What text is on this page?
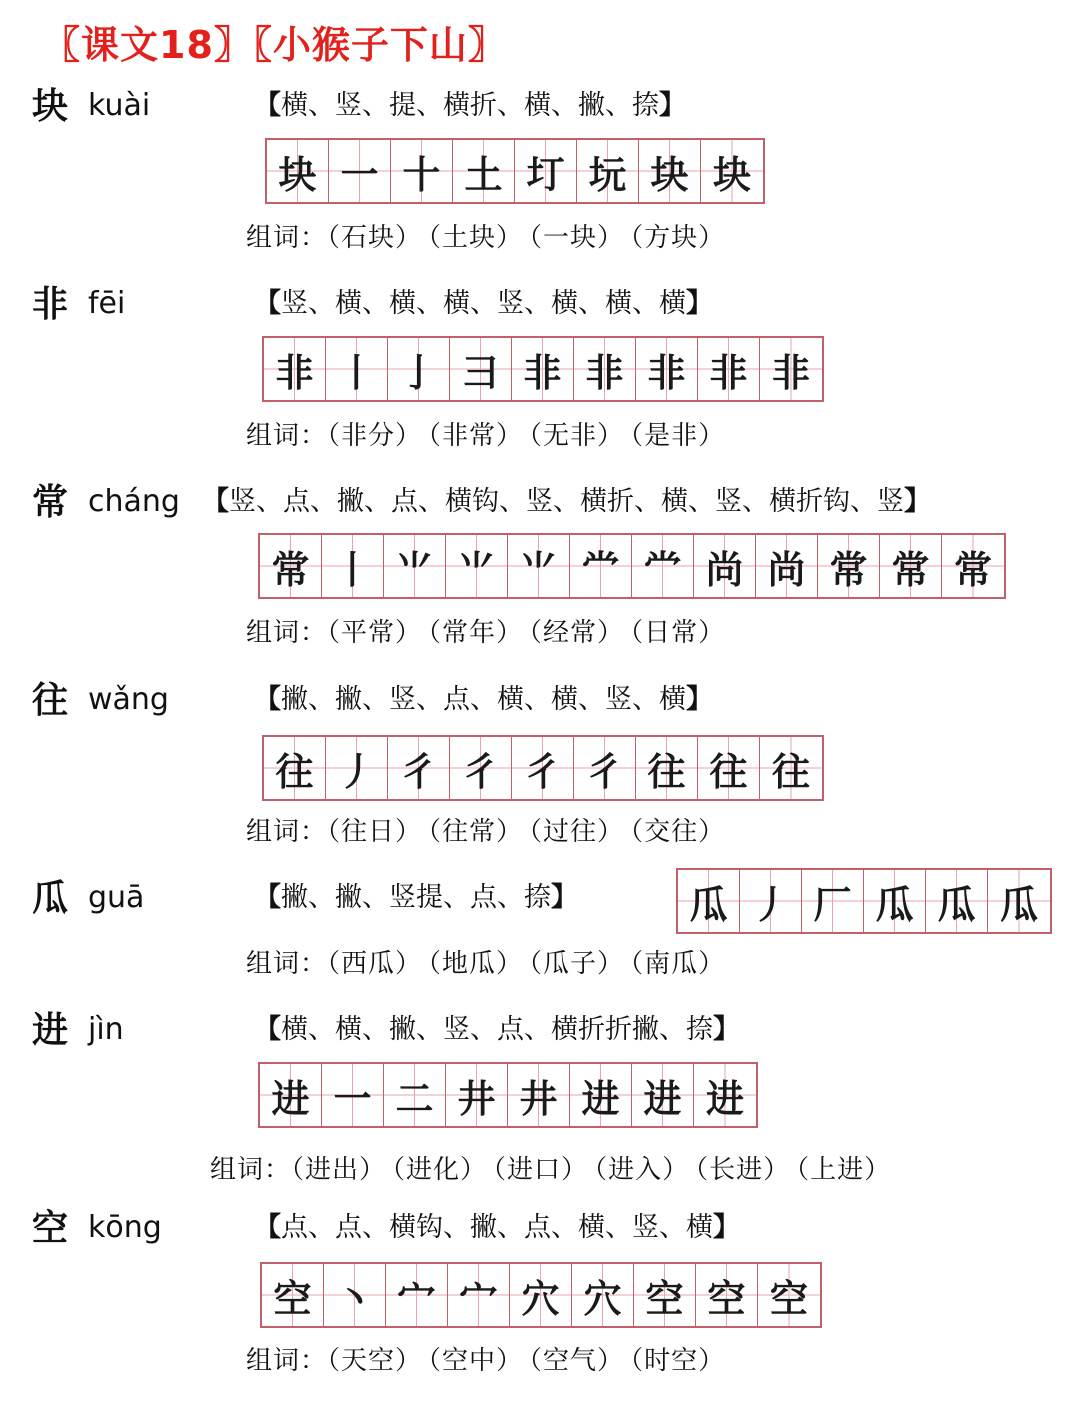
〖课文18〗〖小猴子下山〗
块 kuài	【横、竖、提、横折、横、撇、捺】
块 一 十 土 圢 坃 块 块
组词：（石块） （土块） （一块） （方块）
非 fēi	【竖、横、横、横、竖、横、横、横】
非 丨 亅 彐 非 非 非 非 非
组词：（非分） （非常） （无非） （是非）
常 cháng 【竖、点、撇、点、横钩、竖、横折、横、竖、横折钩、竖】
常 丨 ⺌ ⺌ ⺌ 龸 龸 尚 尚 常 常 常
组词：（平常） （常年） （经常） （日常）
往 wǎng	【撇、撇、竖、点、横、横、竖、横】
往 丿 彳 彳 彳 彳 往 往 往
组词：（往日） （往常） （过往） （交往）
瓜 guā	【撇、撇、竖提、点、捺】	瓜 丿 厂 瓜 瓜 瓜
组词：（西瓜） （地瓜） （瓜子） （南瓜）
进 jìn	【横、横、撇、竖、点、横折折撇、捺】
进 一 二 井 井 进 进 进
组词：（进出） （进化） （进口） （进入） （长进） （上进）
空 kōng	【点、点、横钩、撇、点、横、竖、横】
空 丶 宀 宀 穴 穴 空 空 空
组词：（天空） （空中） （空气） （时空）
